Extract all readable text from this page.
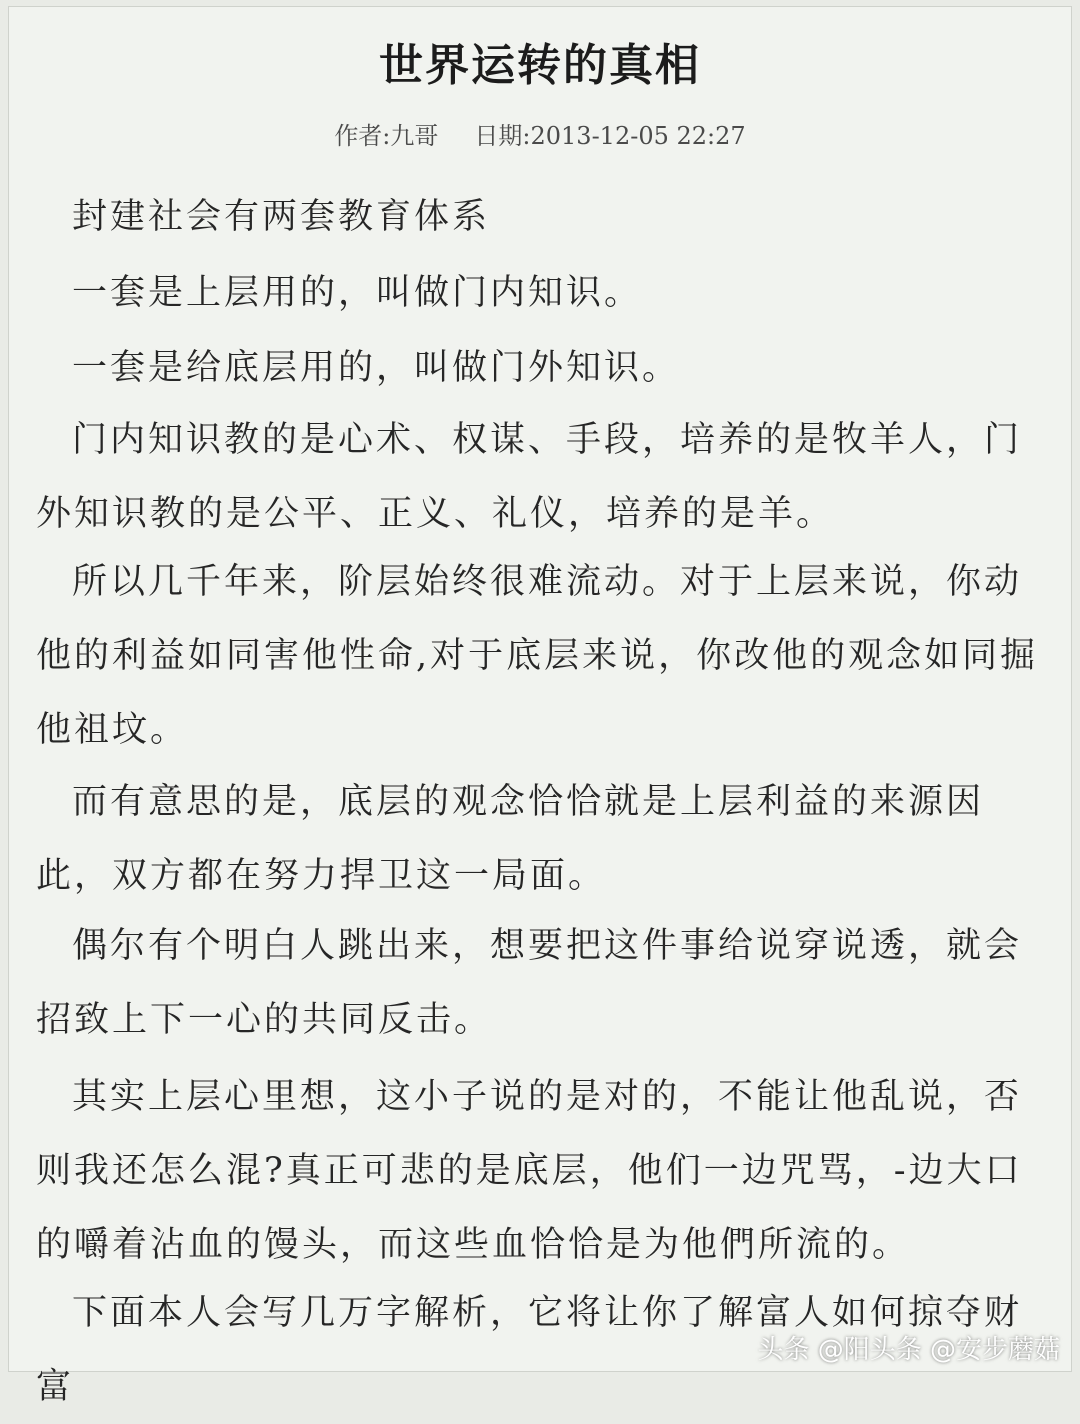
世界运转的真相
作者:九哥 日期:2013-12-05 22:27

封建社会有两套教育体系

一套是上层用的，叫做门内知识。

一套是给底层用的，叫做门外知识。

门内知识教的是心术、权谋、手段，培养的是牧羊人，门外知识教的是公平、正义、礼仪，培养的是羊。

所以几千年来，阶层始终很难流动。对于上层来说，你动他的利益如同害他性命,对于底层来说，你改他的观念如同掘他祖坟。

而有意思的是，底层的观念恰恰就是上层利益的来源因此，双方都在努力捍卫这一局面。

偶尔有个明白人跳出来，想要把这件事给说穿说透，就会招致上下一心的共同反击。

其实上层心里想，这小子说的是对的，不能让他乱说，否则我还怎么混?真正可悲的是底层，他们一边咒骂，-边大口的嚼着沾血的馒头，而这些血恰恰是为他們所流的。

下面本人会写几万字解析，它将让你了解富人如何掠夺财富

头条 @阳头条 @安步蘑菇
